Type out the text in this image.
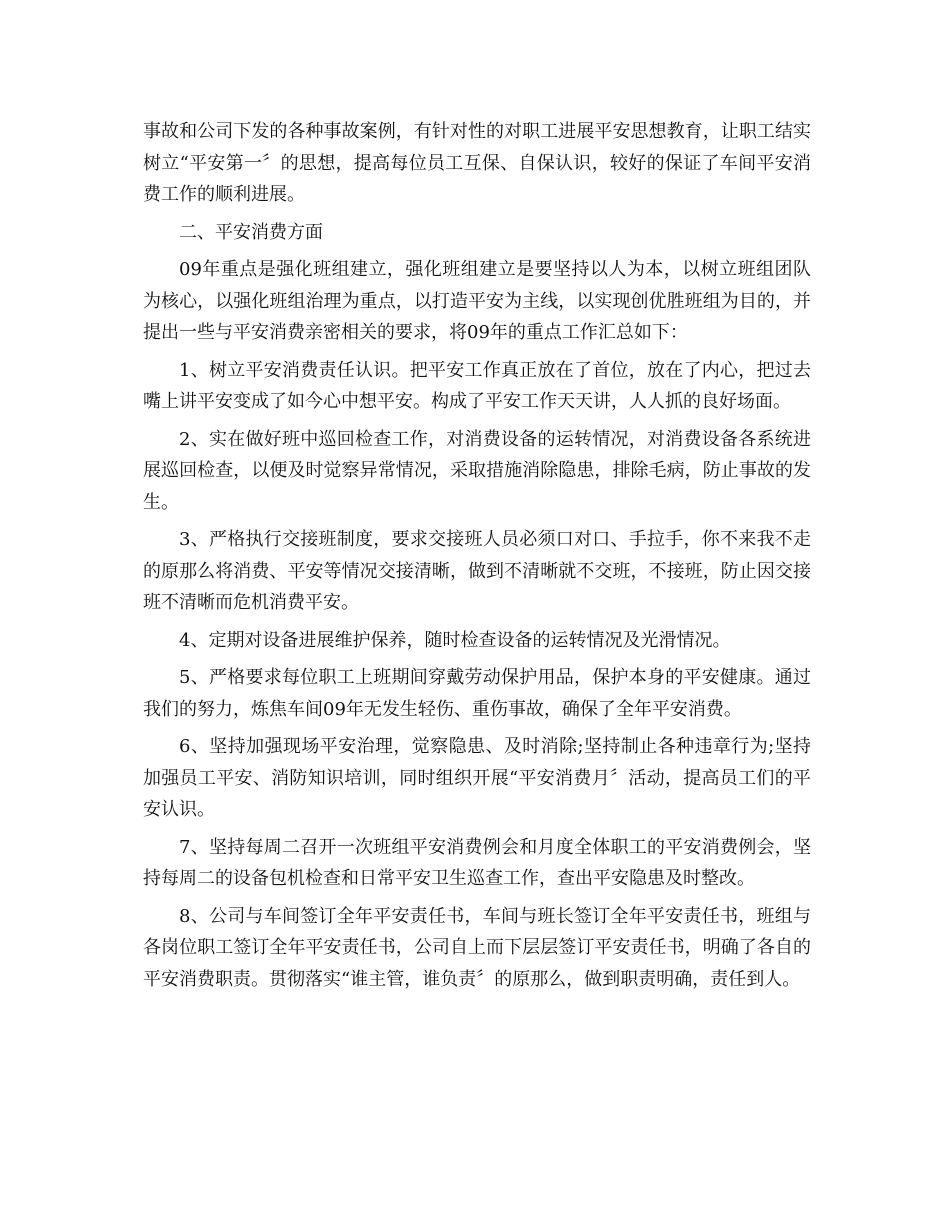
事故和公司下发的各种事故案例，有针对性的对职工进展平安思想教育，让职工结实树立“平安第一〞的思想，提高每位员工互保、自保认识，较好的保证了车间平安消费工作的顺利进展。

二、平安消费方面

09年重点是强化班组建立，强化班组建立是要坚持以人为本，以树立班组团队为核心，以强化班组治理为重点，以打造平安为主线，以实现创优胜班组为目的，并提出一些与平安消费亲密相关的要求，将09年的重点工作汇总如下：

1、树立平安消费责任认识。把平安工作真正放在了首位，放在了内心，把过去嘴上讲平安变成了如今心中想平安。构成了平安工作天天讲，人人抓的良好场面。

2、实在做好班中巡回检查工作，对消费设备的运转情况，对消费设备各系统进展巡回检查，以便及时觉察异常情况，采取措施消除隐患，排除毛病，防止事故的发生。

3、严格执行交接班制度，要求交接班人员必须口对口、手拉手，你不来我不走的原那么将消费、平安等情况交接清晰，做到不清晰就不交班，不接班，防止因交接班不清晰而危机消费平安。

4、定期对设备进展维护保养，随时检查设备的运转情况及光滑情况。

5、严格要求每位职工上班期间穿戴劳动保护用品，保护本身的平安健康。通过我们的努力，炼焦车间09年无发生轻伤、重伤事故，确保了全年平安消费。

6、坚持加强现场平安治理，觉察隐患、及时消除;坚持制止各种违章行为;坚持加强员工平安、消防知识培训，同时组织开展“平安消费月〞活动，提高员工们的平安认识。

7、坚持每周二召开一次班组平安消费例会和月度全体职工的平安消费例会，坚持每周二的设备包机检查和日常平安卫生巡查工作，查出平安隐患及时整改。

8、公司与车间签订全年平安责任书，车间与班长签订全年平安责任书，班组与各岗位职工签订全年平安责任书，公司自上而下层层签订平安责任书，明确了各自的平安消费职责。贯彻落实“谁主管，谁负责〞的原那么，做到职责明确，责任到人。
